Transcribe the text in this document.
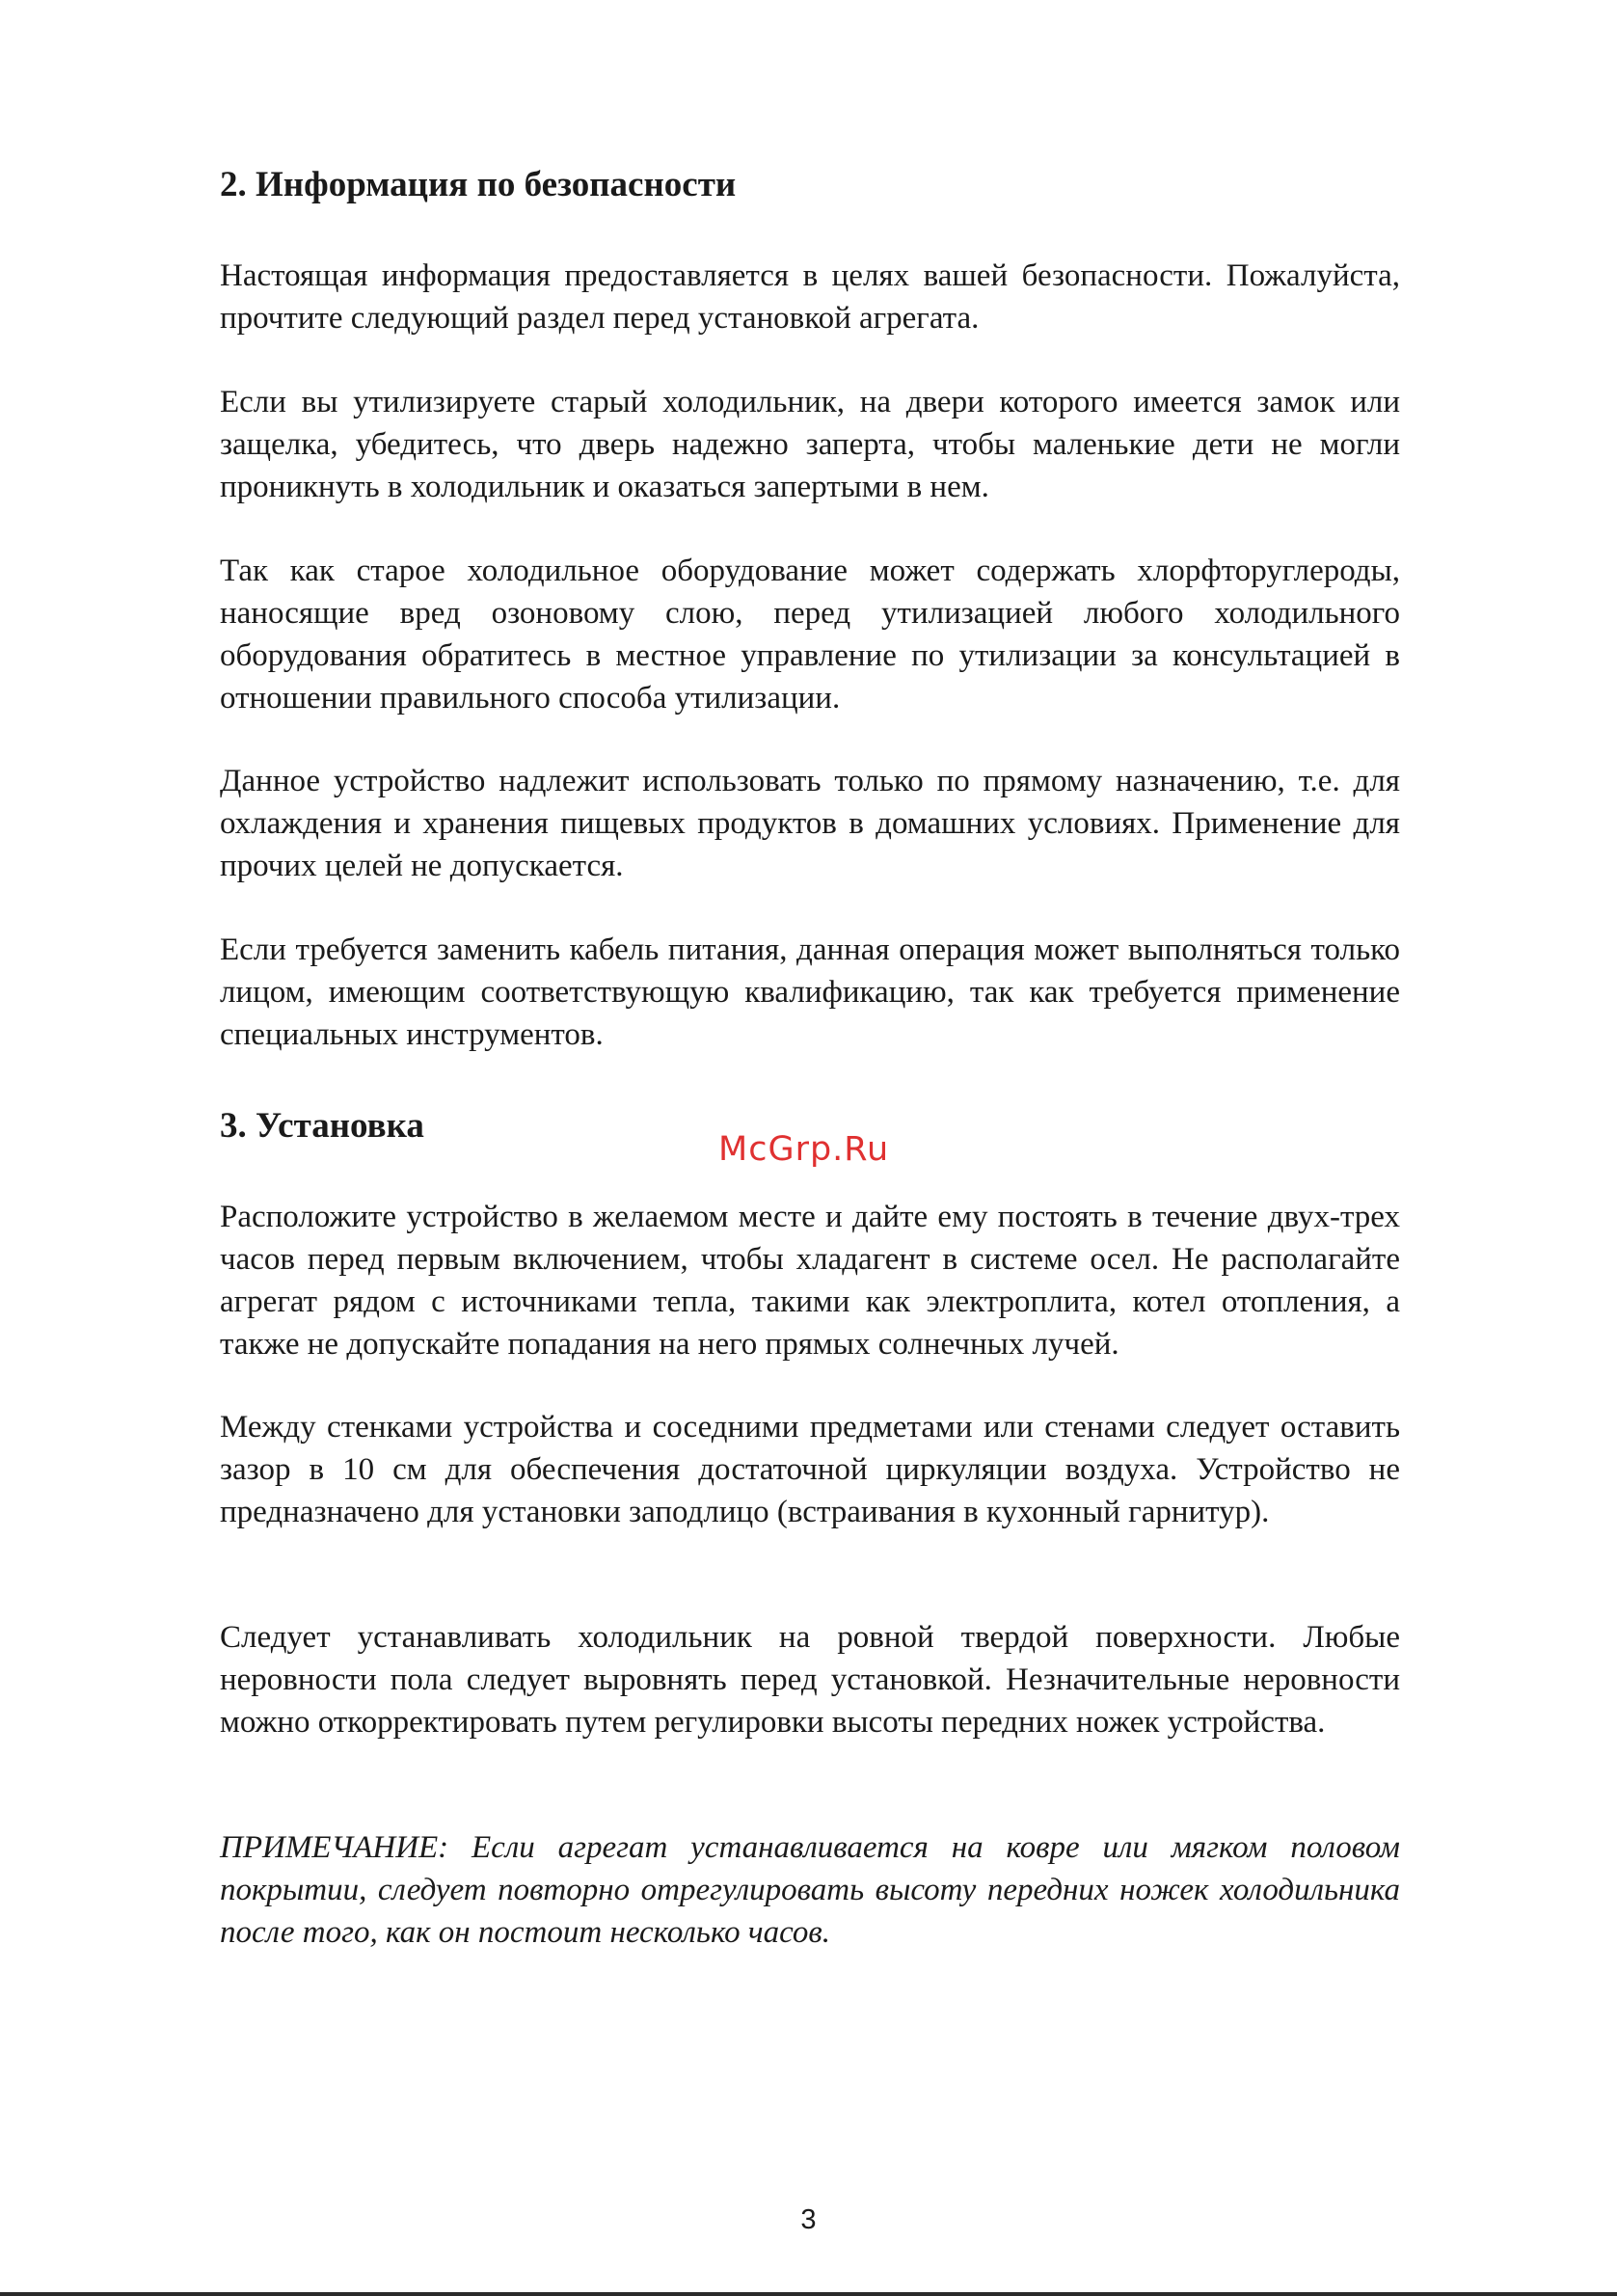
2. Информация по безопасности

Настоящая информация предоставляется в целях вашей безопасности. Пожалуйста, прочтите следующий раздел перед установкой агрегата.

Если вы утилизируете старый холодильник, на двери которого имеется замок или защелка, убедитесь, что дверь надежно заперта, чтобы маленькие дети не могли проникнуть в холодильник и оказаться запертыми в нем.

Так как старое холодильное оборудование может содержать хлорфторуглероды, наносящие вред озоновому слою, перед утилизацией любого холодильного оборудования обратитесь в местное управление по утилизации за консультацией в отношении правильного способа утилизации.

Данное устройство надлежит использовать только по прямому назначению, т.е. для охлаждения и хранения пищевых продуктов в домашних условиях. Применение для прочих целей не допускается.

Если требуется заменить кабель питания, данная операция может выполняться только лицом, имеющим соответствующую квалификацию, так как требуется применение специальных инструментов.

3. Установка

Расположите устройство в желаемом месте и дайте ему постоять в течение двух-трех часов перед первым включением, чтобы хладагент в системе осел. Не располагайте агрегат рядом с источниками тепла, такими как электроплита, котел отопления, а также не допускайте попадания на него прямых солнечных лучей.

Между стенками устройства и соседними предметами или стенами следует оставить зазор в 10 см для обеспечения достаточной циркуляции воздуха. Устройство не предназначено для установки заподлицо (встраивания в кухонный гарнитур).

Следует устанавливать холодильник на ровной твердой поверхности. Любые неровности пола следует выровнять перед установкой. Незначительные неровности можно откорректировать путем регулировки высоты передних ножек устройства.

ПРИМЕЧАНИЕ: Если агрегат устанавливается на ковре или мягком половом покрытии, следует повторно отрегулировать высоту передних ножек холодильника после того, как он постоит несколько часов.

McGrp.Ru
3
